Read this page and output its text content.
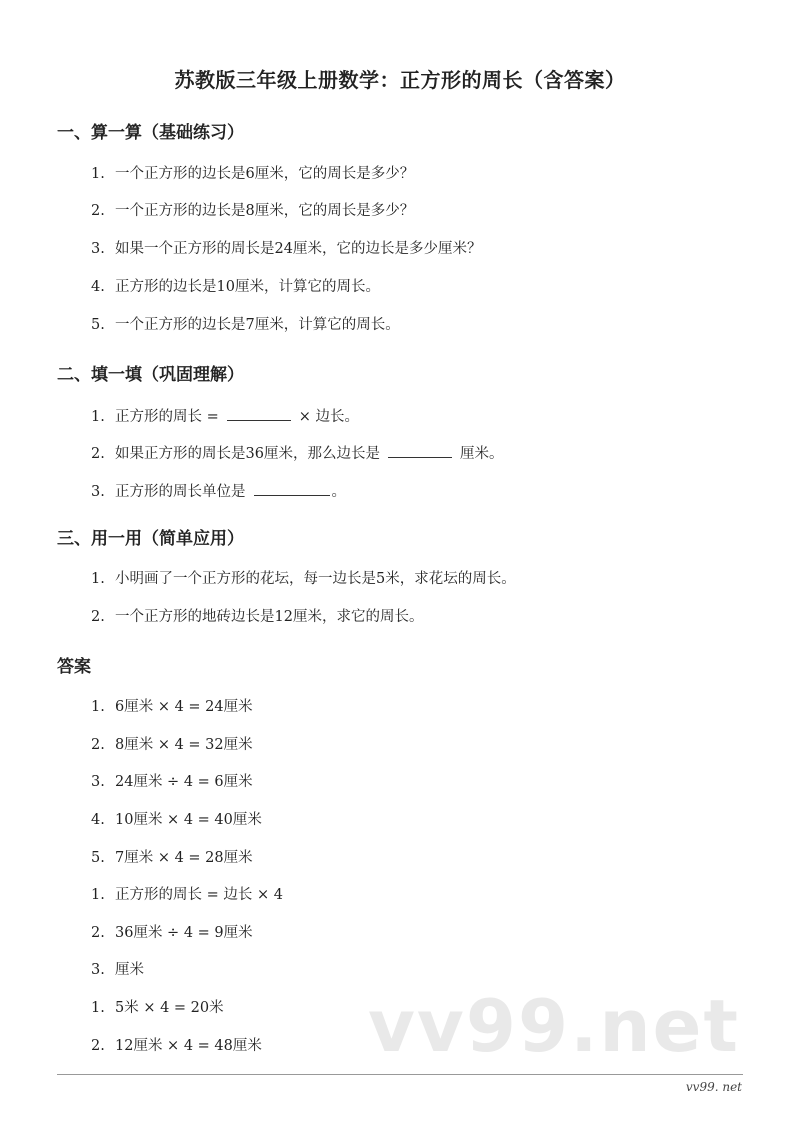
苏教版三年级上册数学：正方形的周长（含答案）
一、算一算（基础练习）
1. 一个正方形的边长是6厘米，它的周长是多少？
2. 一个正方形的边长是8厘米，它的周长是多少？
3. 如果一个正方形的周长是24厘米，它的边长是多少厘米？
4. 正方形的边长是10厘米，计算它的周长。
5. 一个正方形的边长是7厘米，计算它的周长。
二、填一填（巩固理解）
1. 正方形的周长 =	× 边长。
2. 如果正方形的周长是36厘米，那么边长是	厘米。
3. 正方形的周长单位是	。
三、用一用（简单应用）
1. 小明画了一个正方形的花坛，每一边长是5米，求花坛的周长。
2. 一个正方形的地砖边长是12厘米，求它的周长。
答案
1. 6厘米 × 4 = 24厘米
2. 8厘米 × 4 = 32厘米
3. 24厘米 ÷ 4 = 6厘米
4. 10厘米 × 4 = 40厘米
5. 7厘米 × 4 = 28厘米
1. 正方形的周长 = 边长 × 4
2. 36厘米 ÷ 4 = 9厘米
3. 厘米
1. 5米 × 4 = 20米
2. 12厘米 × 4 = 48厘米 vv99.net
vv99. net
